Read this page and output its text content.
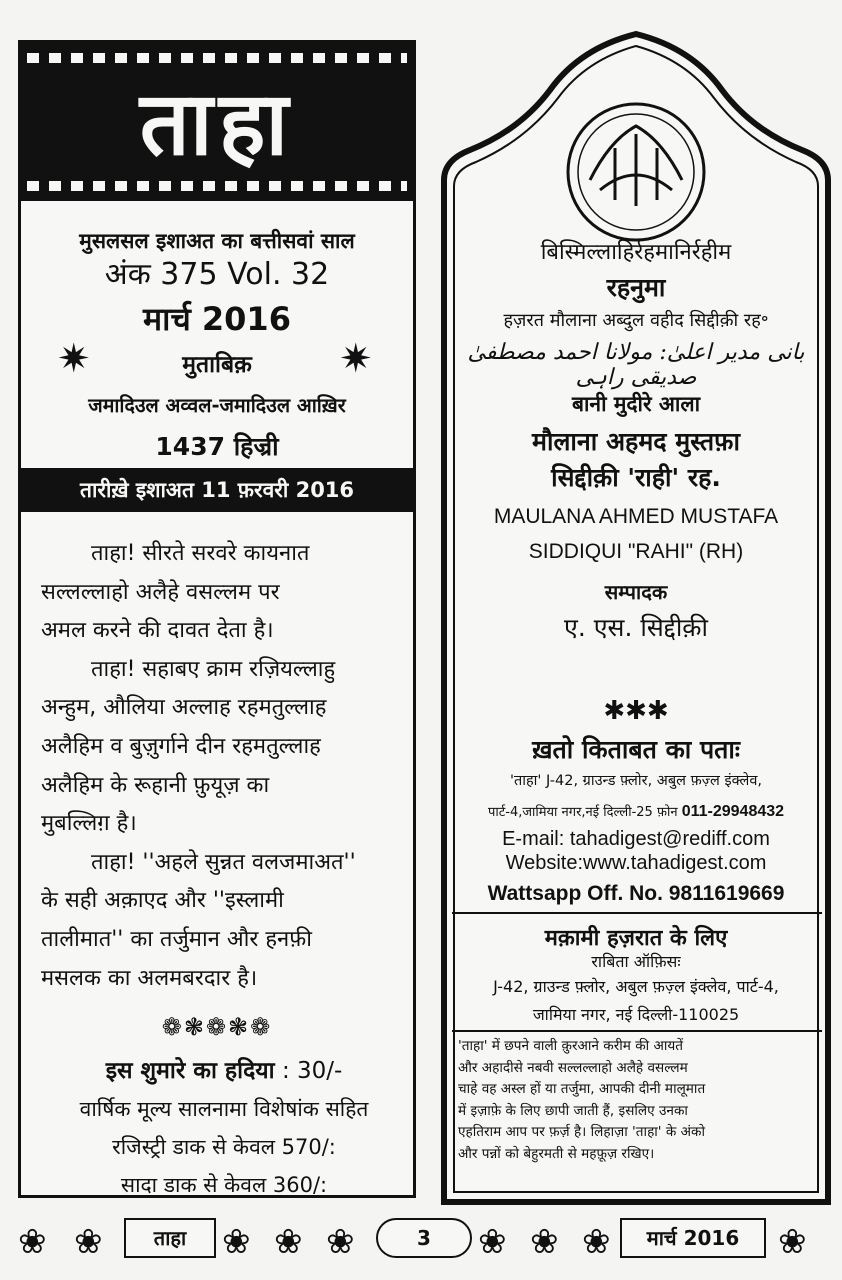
ताहा
मुसलसल इशाअत का बत्तीसवां साल
अंक 375 Vol. 32
मार्च 2016
✷	✷
मुताबिक़
जमादिउल अव्वल-जमादिउल आख़िर
1437 हिज्री
तारीख़े इशाअत 11 फ़रवरी 2016
ताहा! सीरते सरवरे कायनात
सल्लल्लाहो अलैहे वसल्लम पर
अमल करने की दावत देता है।
ताहा! सहाबए क्राम रज़ियल्लाहु
अन्हुम, औलिया अल्लाह रहमतुल्लाह
अलैहिम व बुज़ुर्गाने दीन रहमतुल्लाह
अलैहिम के रूहानी फ़ुयूज़ का
मुबल्लिग़ है।
ताहा! ''अहले सुन्नत वलजमाअत''
के सही अक़ाएद और ''इस्लामी
तालीमात'' का तर्जुमान और हनफ़ी
मसलक का अलमबरदार है।
❁❃❁❃❁
इस शुमारे का हदिया : 30/-
वार्षिक मूल्य सालनामा विशेषांक सहित
रजिस्ट्री डाक से केवल 570/:
सादा डाक से केवल 360/:
बिस्मिल्लाहिर्रहमानिर्रहीम
रहनुमा
हज़रत मौलाना अब्दुल वहीद सिद्दीक़ी रह॰
بانی مدیر اعلیٰ: مولانا احمد مصطفیٰ صدیقی راہی
बानी मुदीरे आला
मौलाना अहमद मुस्तफ़ा
सिद्दीक़ी 'राही' रह.
MAULANA AHMED MUSTAFA
SIDDIQUI "RAHI" (RH)
सम्पादक
ए. एस. सिद्दीक़ी
✱✱✱
ख़तो किताबत का पताः
'ताहा' J-42, ग्राउन्ड फ़्लोर, अबुल फ़ज़्ल इंक्लेव,
पार्ट-4,जामिया नगर,नई दिल्ली-25 फ़ोन 011-29948432
E-mail: tahadigest@rediff.com
Website:www.tahadigest.com
Wattsapp Off. No. 9811619669
मक़ामी हज़रात के लिए
राबिता ऑफ़िसः
J-42, ग्राउन्ड फ़्लोर, अबुल फ़ज़्ल इंक्लेव, पार्ट-4,
जामिया नगर, नई दिल्ली-110025
'ताहा' में छपने वाली क़ुरआने करीम की आयतें
और अहादीसे नबवी सल्लल्लाहो अलैहे वसल्लम
चाहे वह अस्ल हों या तर्जुमा, आपकी दीनी मालूमात
में इज़ाफ़े के लिए छापी जाती हैं, इसलिए उनका
एहतिराम आप पर फ़र्ज़ है। लिहाज़ा 'ताहा' के अंको
और पन्नों को बेहुरमती से महफ़ूज़ रखिए।
❀ ❀	ताहा	❀ ❀ ❀	3	❀ ❀ ❀	मार्च 2016	❀
